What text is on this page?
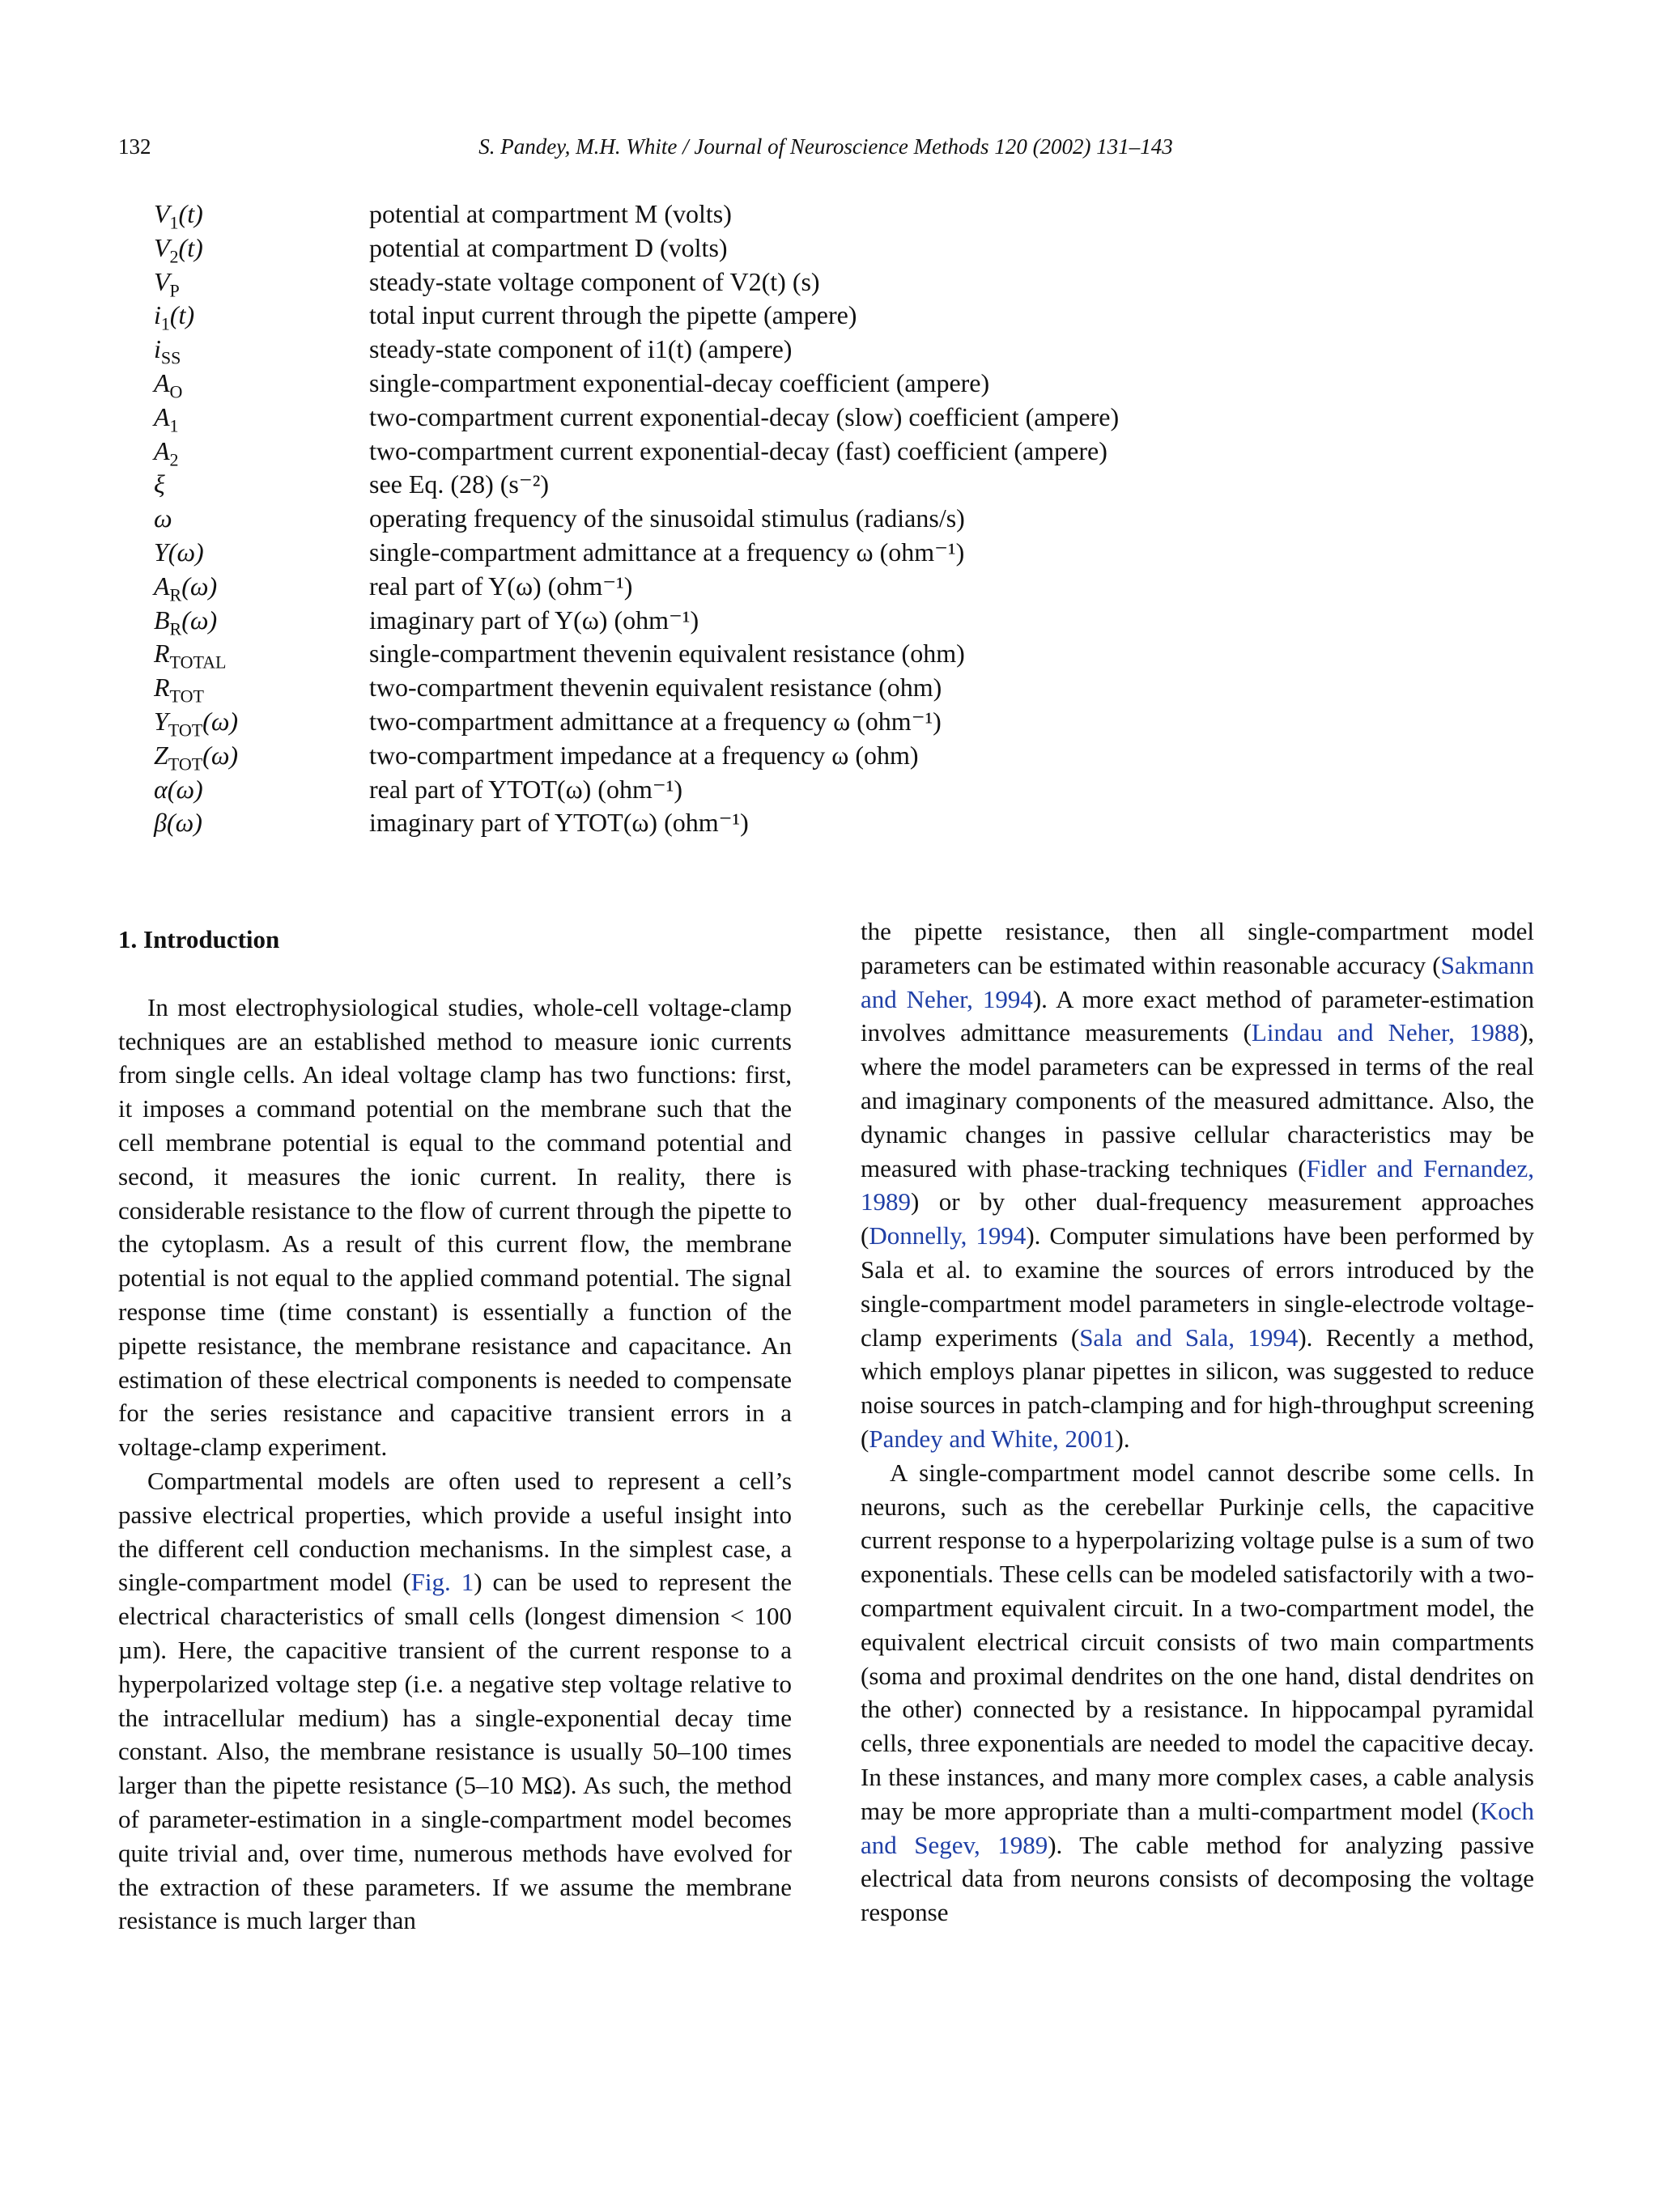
132	S. Pandey, M.H. White / Journal of Neuroscience Methods 120 (2002) 131–143
$V_1(t)$	potential at compartment M (volts)
$V_2(t)$	potential at compartment D (volts)
$V_P$	steady-state voltage component of V2(t) (s)
$i_1(t)$	total input current through the pipette (ampere)
$i_{SS}$	steady-state component of i1(t) (ampere)
$A_O$	single-compartment exponential-decay coefficient (ampere)
$A_1$	two-compartment current exponential-decay (slow) coefficient (ampere)
$A_2$	two-compartment current exponential-decay (fast) coefficient (ampere)
ξ	see Eq. (28) (s⁻²)
ω	operating frequency of the sinusoidal stimulus (radians/s)
Y(ω)	single-compartment admittance at a frequency ω (ohm⁻¹)
$A_R(\omega)$	real part of Y(ω) (ohm⁻¹)
$B_R(\omega)$	imaginary part of Y(ω) (ohm⁻¹)
$R_{TOTAL}$	single-compartment thevenin equivalent resistance (ohm)
$R_{TOT}$	two-compartment thevenin equivalent resistance (ohm)
$Y_{TOT}(\omega)$	two-compartment admittance at a frequency ω (ohm⁻¹)
$Z_{TOT}(\omega)$	two-compartment impedance at a frequency ω (ohm)
α(ω)	real part of YTOT(ω) (ohm⁻¹)
β(ω)	imaginary part of YTOT(ω) (ohm⁻¹)
1. Introduction

In most electrophysiological studies, whole-cell voltage-clamp techniques are an established method to measure ionic currents from single cells. An ideal voltage clamp has two functions: first, it imposes a command potential on the membrane such that the cell membrane potential is equal to the command potential and second, it measures the ionic current. In reality, there is considerable resistance to the flow of current through the pipette to the cytoplasm. As a result of this current flow, the membrane potential is not equal to the applied command potential. The signal response time (time constant) is essentially a function of the pipette resistance, the membrane resistance and capacitance. An estimation of these electrical components is needed to compensate for the series resistance and capacitive transient errors in a voltage-clamp experiment.

Compartmental models are often used to represent a cell’s passive electrical properties, which provide a useful insight into the different cell conduction mechanisms. In the simplest case, a single-compartment model (Fig. 1) can be used to represent the electrical characteristics of small cells (longest dimension < 100 µm). Here, the capacitive transient of the current response to a hyperpolarized voltage step (i.e. a negative step voltage relative to the intracellular medium) has a single-exponential decay time constant. Also, the membrane resistance is usually 50–100 times larger than the pipette resistance (5–10 MΩ). As such, the method of parameter-estimation in a single-compartment model becomes quite trivial and, over time, numerous methods have evolved for the extraction of these parameters. If we assume the membrane resistance is much larger than

the pipette resistance, then all single-compartment model parameters can be estimated within reasonable accuracy (Sakmann and Neher, 1994). A more exact method of parameter-estimation involves admittance measurements (Lindau and Neher, 1988), where the model parameters can be expressed in terms of the real and imaginary components of the measured admittance. Also, the dynamic changes in passive cellular characteristics may be measured with phase-tracking techniques (Fidler and Fernandez, 1989) or by other dual-frequency measurement approaches (Donnelly, 1994). Computer simulations have been performed by Sala et al. to examine the sources of errors introduced by the single-compartment model parameters in single-electrode voltage-clamp experiments (Sala and Sala, 1994). Recently a method, which employs planar pipettes in silicon, was suggested to reduce noise sources in patch-clamping and for high-throughput screening (Pandey and White, 2001).

A single-compartment model cannot describe some cells. In neurons, such as the cerebellar Purkinje cells, the capacitive current response to a hyperpolarizing voltage pulse is a sum of two exponentials. These cells can be modeled satisfactorily with a two-compartment equivalent circuit. In a two-compartment model, the equivalent electrical circuit consists of two main compartments (soma and proximal dendrites on the one hand, distal dendrites on the other) connected by a resistance. In hippocampal pyramidal cells, three exponentials are needed to model the capacitive decay. In these instances, and many more complex cases, a cable analysis may be more appropriate than a multi-compartment model (Koch and Segev, 1989). The cable method for analyzing passive electrical data from neurons consists of decomposing the voltage response
